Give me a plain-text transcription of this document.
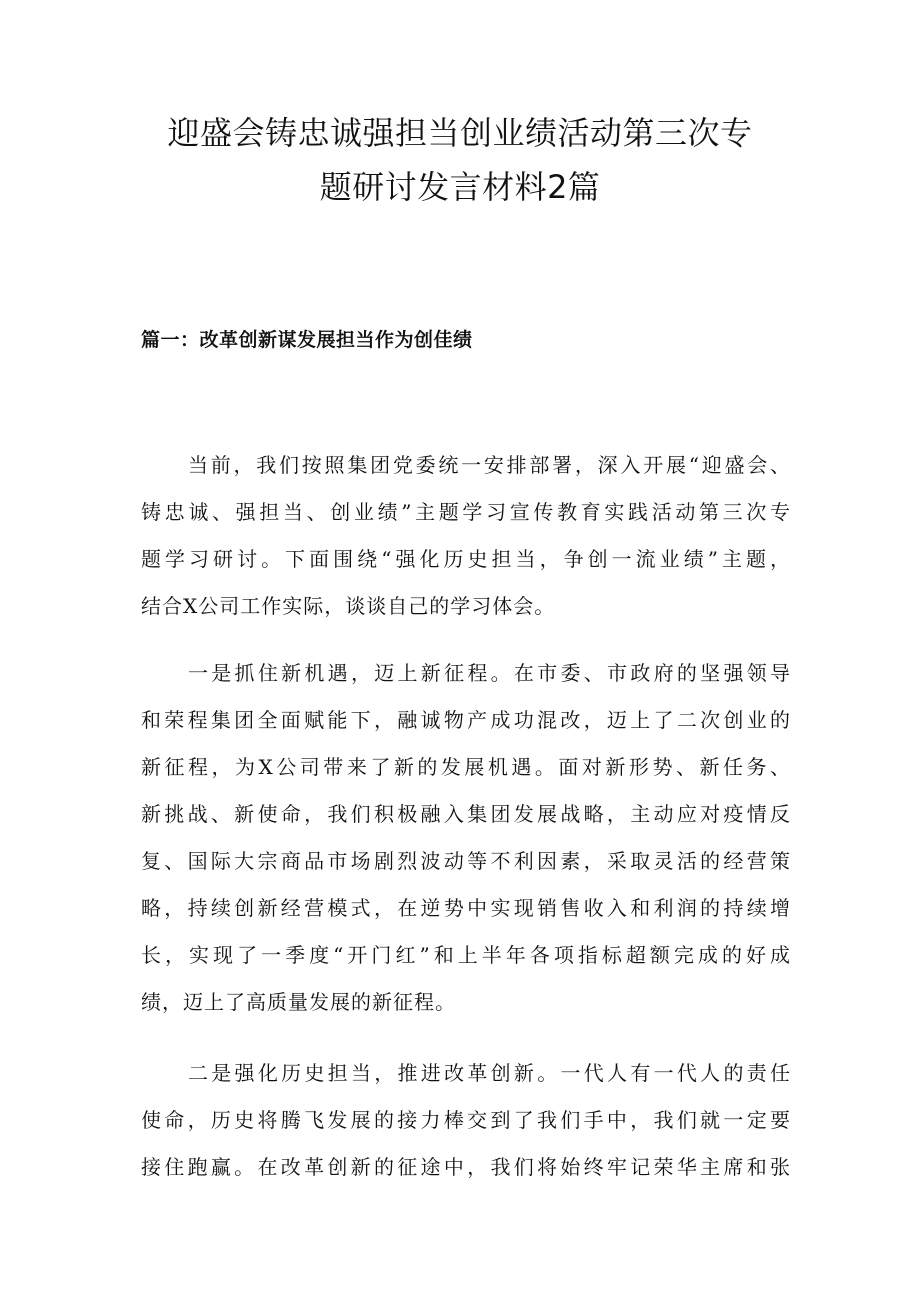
迎盛会铸忠诚强担当创业绩活动第三次专
题研讨发言材料2篇
篇一：改革创新谋发展担当作为创佳绩
当前，我们按照集团党委统一安排部署，深入开展“迎盛会、
铸忠诚、强担当、创业绩”主题学习宣传教育实践活动第三次专
题学习研讨。下面围绕“强化历史担当，争创一流业绩”主题，
结合X公司工作实际，谈谈自己的学习体会。
一是抓住新机遇，迈上新征程。在市委、市政府的坚强领导
和荣程集团全面赋能下，融诚物产成功混改，迈上了二次创业的
新征程，为X公司带来了新的发展机遇。面对新形势、新任务、
新挑战、新使命，我们积极融入集团发展战略，主动应对疫情反
复、国际大宗商品市场剧烈波动等不利因素，采取灵活的经营策
略，持续创新经营模式，在逆势中实现销售收入和利润的持续增
长，实现了一季度“开门红”和上半年各项指标超额完成的好成
绩，迈上了高质量发展的新征程。
二是强化历史担当，推进改革创新。一代人有一代人的责任
使命，历史将腾飞发展的接力棒交到了我们手中，我们就一定要
接住跑赢。在改革创新的征途中，我们将始终牢记荣华主席和张
